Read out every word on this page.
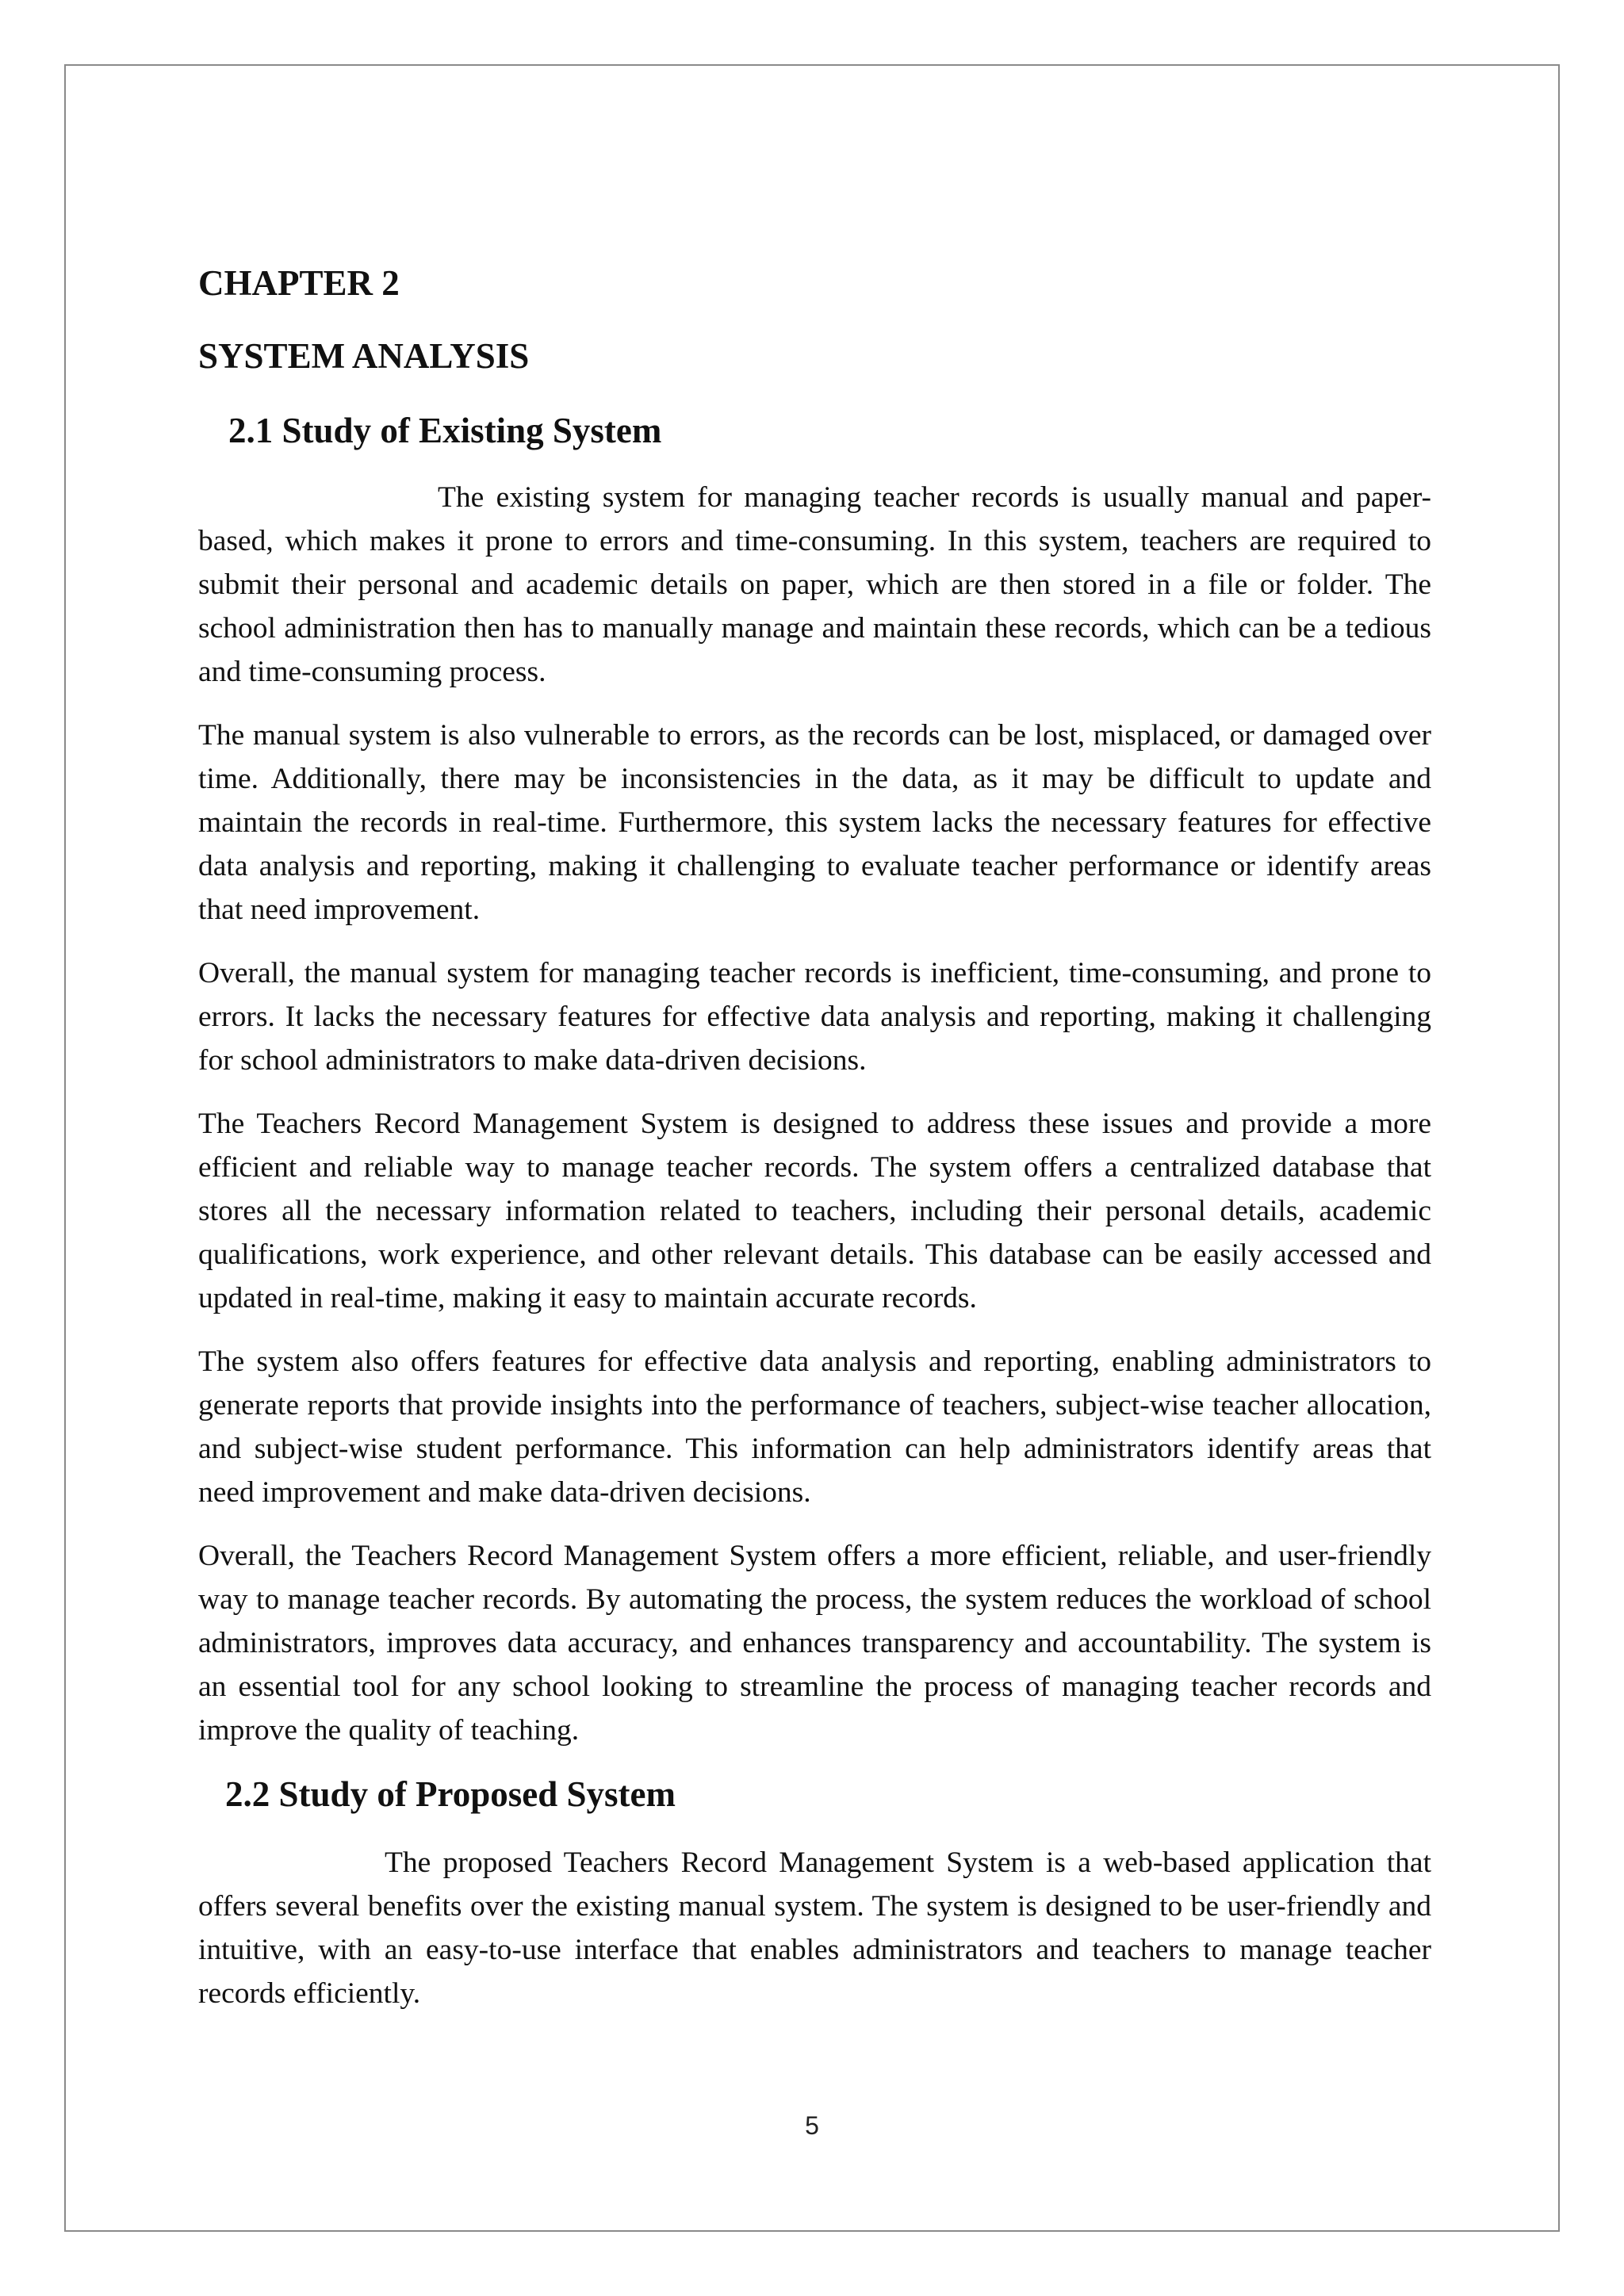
CHAPTER 2
SYSTEM ANALYSIS
2.1 Study of Existing System

The existing system for managing teacher records is usually manual and paper-based, which makes it prone to errors and time-consuming. In this system, teachers are required to submit their personal and academic details on paper, which are then stored in a file or folder. The school administration then has to manually manage and maintain these records, which can be a tedious and time-consuming process.

The manual system is also vulnerable to errors, as the records can be lost, misplaced, or damaged over time. Additionally, there may be inconsistencies in the data, as it may be difficult to update and maintain the records in real-time. Furthermore, this system lacks the necessary features for effective data analysis and reporting, making it challenging to evaluate teacher performance or identify areas that need improvement.

Overall, the manual system for managing teacher records is inefficient, time-consuming, and prone to errors. It lacks the necessary features for effective data analysis and reporting, making it challenging for school administrators to make data-driven decisions.

The Teachers Record Management System is designed to address these issues and provide a more efficient and reliable way to manage teacher records. The system offers a centralized database that stores all the necessary information related to teachers, including their personal details, academic qualifications, work experience, and other relevant details. This database can be easily accessed and updated in real-time, making it easy to maintain accurate records.

The system also offers features for effective data analysis and reporting, enabling administrators to generate reports that provide insights into the performance of teachers, subject-wise teacher allocation, and subject-wise student performance. This information can help administrators identify areas that need improvement and make data-driven decisions.

Overall, the Teachers Record Management System offers a more efficient, reliable, and user-friendly way to manage teacher records. By automating the process, the system reduces the workload of school administrators, improves data accuracy, and enhances transparency and accountability. The system is an essential tool for any school looking to streamline the process of managing teacher records and improve the quality of teaching.

2.2 Study of Proposed System

The proposed Teachers Record Management System is a web-based application that offers several benefits over the existing manual system. The system is designed to be user-friendly and intuitive, with an easy-to-use interface that enables administrators and teachers to manage teacher records efficiently.

5
